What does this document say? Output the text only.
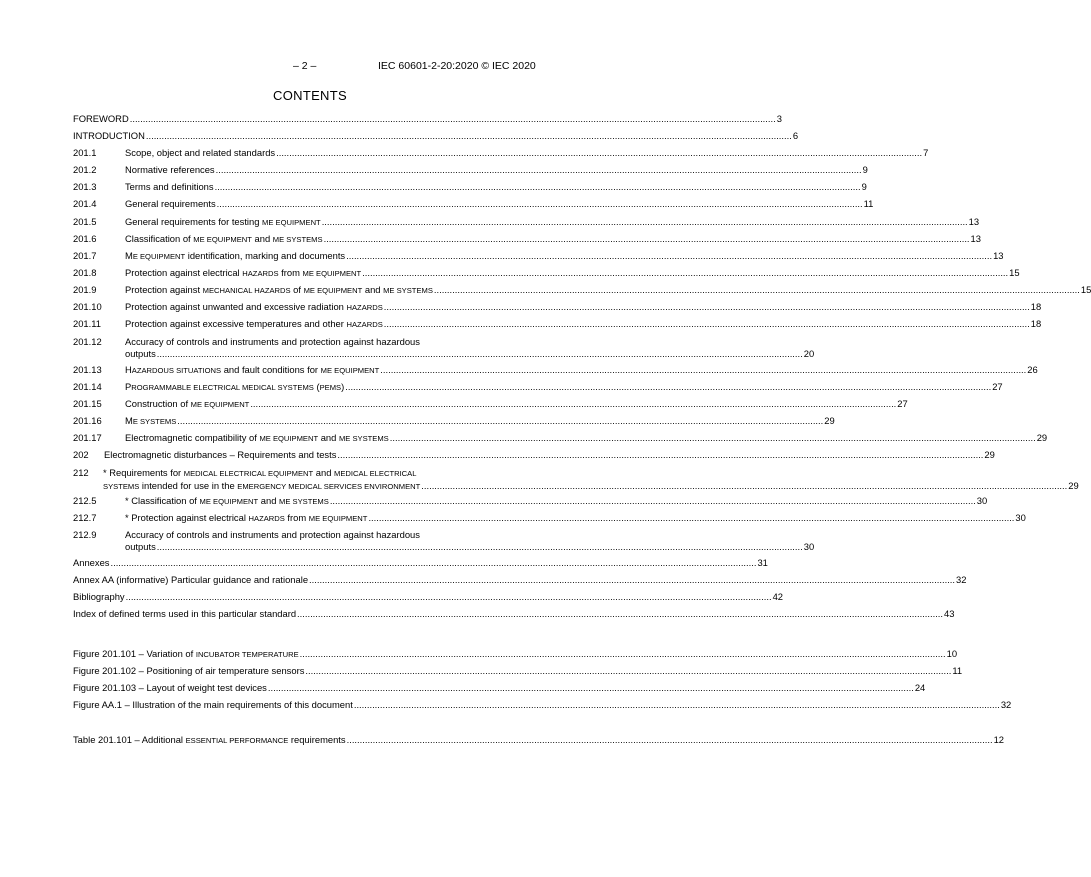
– 2 –	IEC 60601-2-20:2020 © IEC 2020
CONTENTS
FOREWORD .....	3
INTRODUCTION .....	6
201.1	Scope, object and related standards .....	7
201.2	Normative references .....	9
201.3	Terms and definitions .....	9
201.4	General requirements .....	11
201.5	General requirements for testing ME EQUIPMENT .....	13
201.6	Classification of ME EQUIPMENT and ME SYSTEMS .....	13
201.7	ME EQUIPMENT identification, marking and documents .....	13
201.8	Protection against electrical HAZARDS from ME EQUIPMENT .....	15
201.9	Protection against MECHANICAL HAZARDS of ME EQUIPMENT and ME SYSTEMS .....	15
201.10	Protection against unwanted and excessive radiation HAZARDS .....	18
201.11	Protection against excessive temperatures and other HAZARDS .....	18
201.12	Accuracy of controls and instruments and protection against hazardous
outputs .....	20
201.13	HAZARDOUS SITUATIONS and fault conditions for ME EQUIPMENT .....	26
201.14	PROGRAMMABLE ELECTRICAL MEDICAL SYSTEMS (PEMS) .....	27
201.15	Construction of ME EQUIPMENT .....	27
201.16	ME SYSTEMS .....	29
201.17	Electromagnetic compatibility of ME EQUIPMENT and ME SYSTEMS .....	29
202	Electromagnetic disturbances – Requirements and tests .....	29
212	* Requirements for MEDICAL ELECTRICAL EQUIPMENT and MEDICAL ELECTRICAL
SYSTEMS intended for use in the EMERGENCY MEDICAL SERVICES ENVIRONMENT .....	29
212.5	* Classification of ME EQUIPMENT and ME SYSTEMS .....	30
212.7	* Protection against electrical HAZARDS from ME EQUIPMENT .....	30
212.9	Accuracy of controls and instruments and protection against hazardous
outputs .....	30
Annexes .....	31
Annex AA (informative) Particular guidance and rationale .....	32
Bibliography .....	42
Index of defined terms used in this particular standard .....	43
Figure 201.101 – Variation of INCUBATOR TEMPERATURE .....	10
Figure 201.102 – Positioning of air temperature sensors .....	11
Figure 201.103 – Layout of weight test devices .....	24
Figure AA.1 – Illustration of the main requirements of this document .....	32
Table 201.101 – Additional ESSENTIAL PERFORMANCE requirements .....	12
